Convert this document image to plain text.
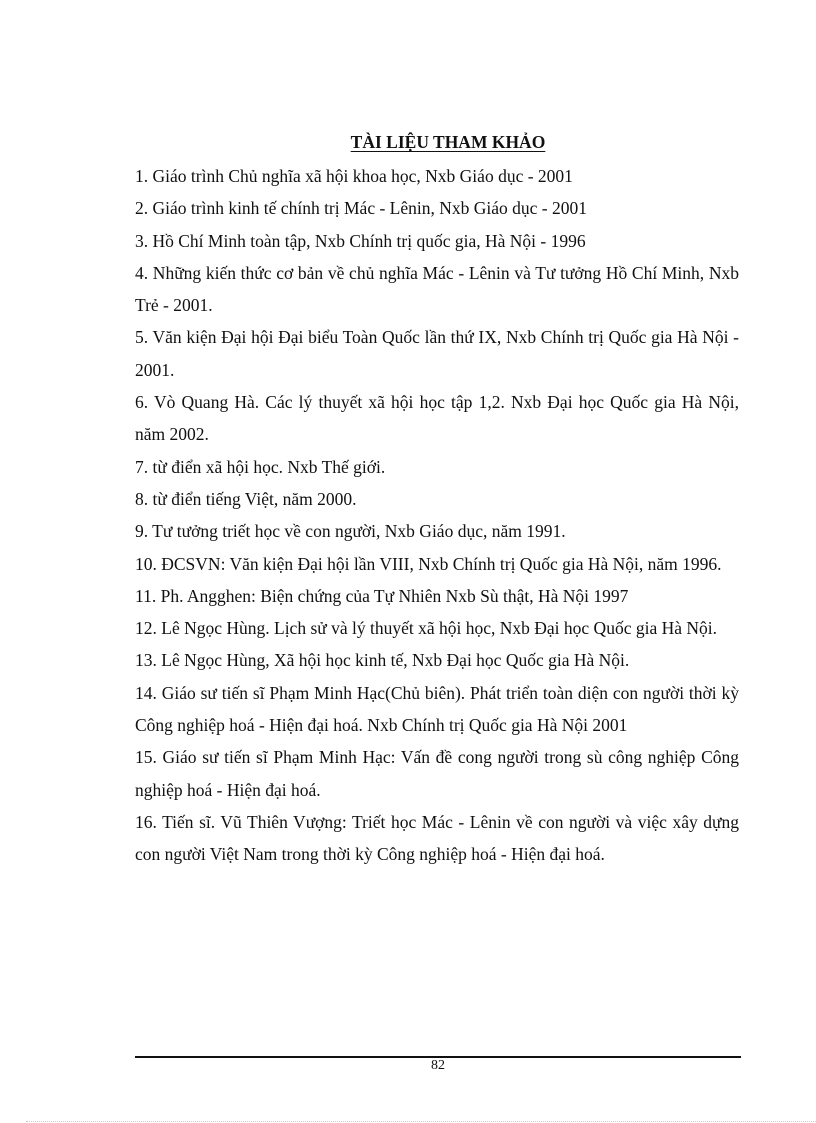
TÀI LIỆU THAM KHẢO
1. Giáo trình Chủ nghĩa xã hội khoa học, Nxb Giáo dục - 2001
2. Giáo trình kinh tế chính trị Mác - Lênin, Nxb Giáo dục - 2001
3. Hồ Chí Minh toàn tập, Nxb Chính trị quốc gia, Hà Nội - 1996
4. Những kiến thức cơ bản về chủ nghĩa Mác - Lênin và Tư tưởng Hồ Chí Minh, Nxb Trẻ - 2001.
5. Văn kiện Đại hội Đại biểu Toàn Quốc lần thứ IX, Nxb Chính trị Quốc gia Hà Nội - 2001.
6. Vò Quang Hà. Các lý thuyết xã hội học tập 1,2. Nxb Đại học Quốc gia Hà Nội, năm 2002.
7. từ điển xã hội học. Nxb Thế giới.
8. từ điển tiếng Việt, năm 2000.
9. Tư tưởng triết học về con người, Nxb Giáo dục, năm 1991.
10. ĐCSVN: Văn kiện Đại hội lần VIII, Nxb Chính trị Quốc gia Hà Nội, năm 1996.
11. Ph. Angghen: Biện chứng của Tự Nhiên Nxb Sù thật, Hà Nội 1997
12. Lê Ngọc Hùng. Lịch sử và lý thuyết xã hội học, Nxb Đại học Quốc gia Hà Nội.
13. Lê Ngọc Hùng, Xã hội học kinh tế, Nxb Đại học Quốc gia Hà Nội.
14. Giáo sư tiến sĩ Phạm Minh Hạc(Chủ biên). Phát triển toàn diện con người thời kỳ Công nghiệp hoá - Hiện đại hoá. Nxb Chính trị Quốc gia Hà Nội 2001
15. Giáo sư tiến sĩ Phạm Minh Hạc: Vấn đề cong người trong sù công nghiệp Công nghiệp hoá - Hiện đại hoá.
16. Tiến sĩ. Vũ Thiên Vượng: Triết học Mác - Lênin về con người và việc xây dựng con người Việt Nam trong thời kỳ Công nghiệp hoá - Hiện đại hoá.
82
